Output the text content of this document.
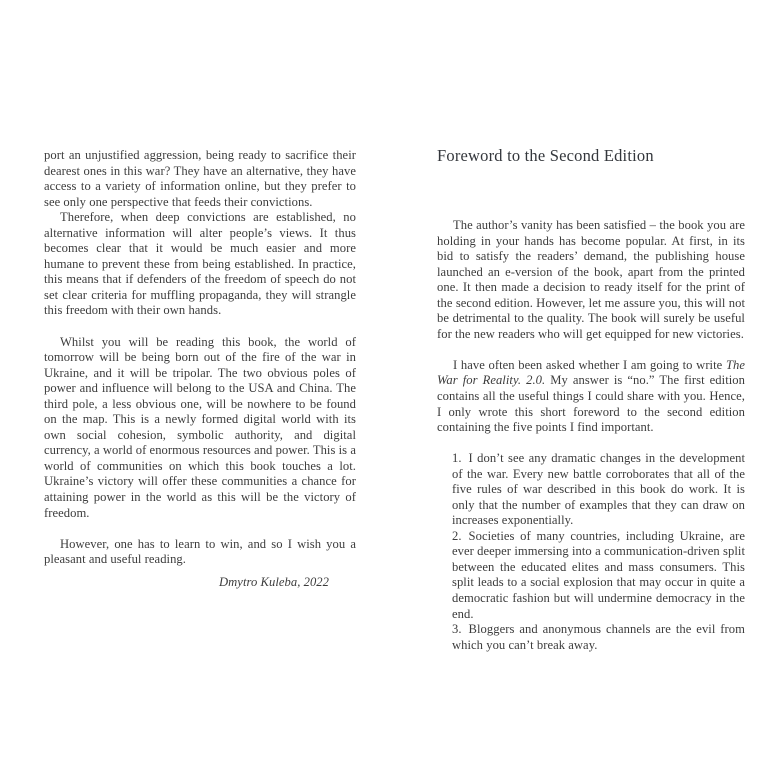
port an unjustified aggression, being ready to sacrifice their dearest ones in this war? They have an alternative, they have access to a variety of information online, but they prefer to see only one perspective that feeds their convictions.

Therefore, when deep convictions are established, no alternative information will alter people’s views. It thus becomes clear that it would be much easier and more humane to prevent these from being established. In practice, this means that if defenders of the freedom of speech do not set clear criteria for muffling propaganda, they will strangle this freedom with their own hands.

Whilst you will be reading this book, the world of tomorrow will be being born out of the fire of the war in Ukraine, and it will be tripolar. The two obvious poles of power and influence will belong to the USA and China. The third pole, a less obvious one, will be nowhere to be found on the map. This is a newly formed digital world with its own social cohesion, symbolic authority, and digital currency, a world of enormous resources and power. This is a world of communities on which this book touches a lot. Ukraine’s victory will offer these communities a chance for attaining power in the world as this will be the victory of freedom.

However, one has to learn to win, and so I wish you a pleasant and useful reading.

Dmytro Kuleba, 2022

Foreword to the Second Edition

The author’s vanity has been satisfied – the book you are holding in your hands has become popular. At first, in its bid to satisfy the readers’ demand, the publishing house launched an e-version of the book, apart from the printed one. It then made a decision to ready itself for the print of the second edition. However, let me assure you, this will not be detrimental to the quality. The book will surely be useful for the new readers who will get equipped for new victories.

I have often been asked whether I am going to write The War for Reality. 2.0. My answer is “no.” The first edition contains all the useful things I could share with you. Hence, I only wrote this short foreword to the second edition containing the five points I find important.

1. I don’t see any dramatic changes in the development of the war. Every new battle corroborates that all of the five rules of war described in this book do work. It is only that the number of examples that they can draw on increases exponentially.

2. Societies of many countries, including Ukraine, are ever deeper immersing into a communication-driven split between the educated elites and mass consumers. This split leads to a social explosion that may occur in quite a democratic fashion but will undermine democracy in the end.

3. Bloggers and anonymous channels are the evil from which you can’t break away.
